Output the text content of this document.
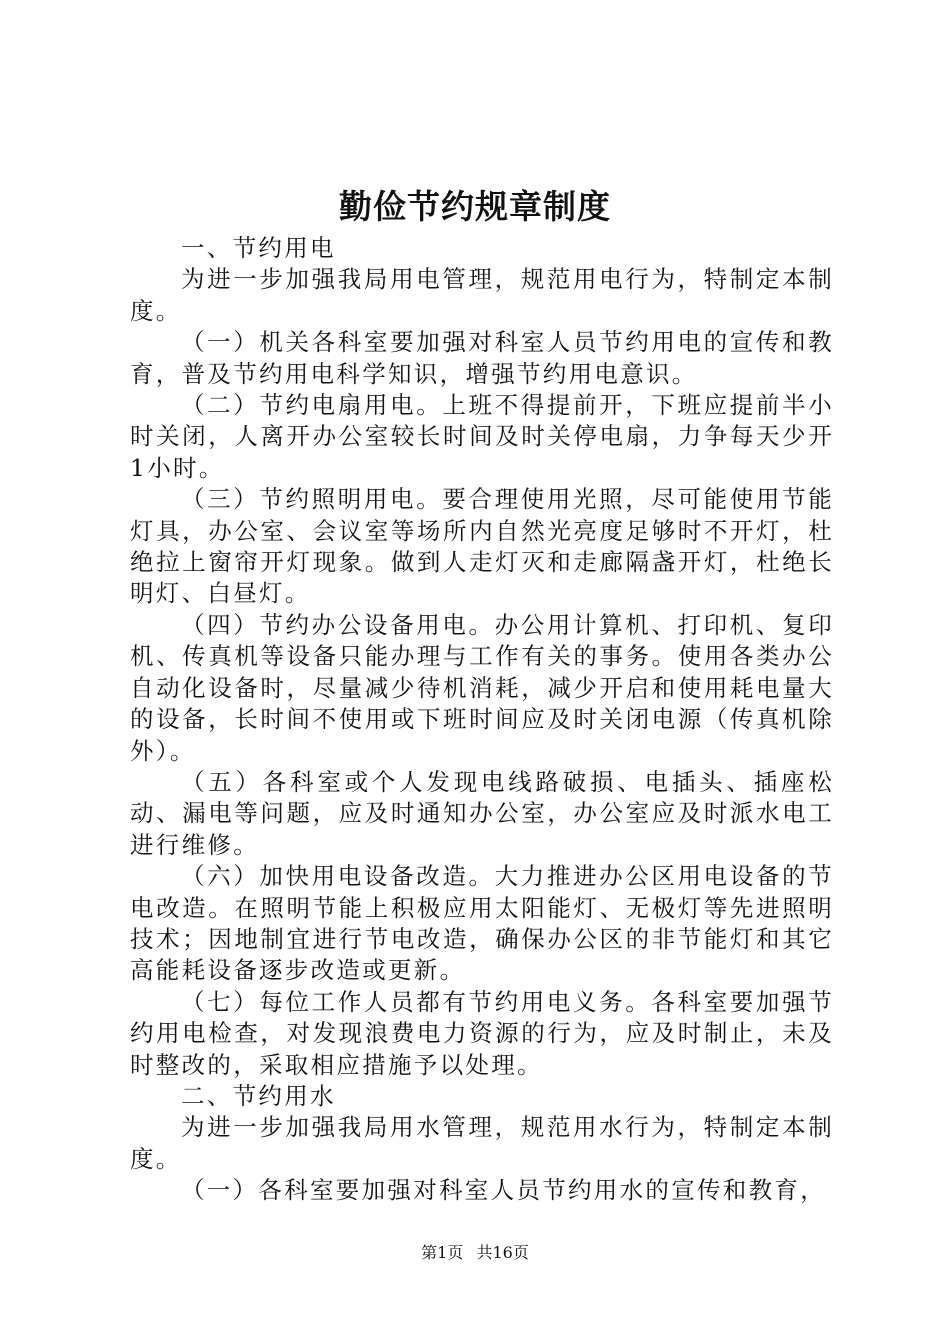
勤俭节约规章制度

一、节约用电

为进一步加强我局用电管理，规范用电行为，特制定本制度。

（一）机关各科室要加强对科室人员节约用电的宣传和教育，普及节约用电科学知识，增强节约用电意识。

（二）节约电扇用电。上班不得提前开，下班应提前半小时关闭，人离开办公室较长时间及时关停电扇，力争每天少开1小时。

（三）节约照明用电。要合理使用光照，尽可能使用节能灯具，办公室、会议室等场所内自然光亮度足够时不开灯，杜绝拉上窗帘开灯现象。做到人走灯灭和走廊隔盏开灯，杜绝长明灯、白昼灯。

（四）节约办公设备用电。办公用计算机、打印机、复印机、传真机等设备只能办理与工作有关的事务。使用各类办公自动化设备时，尽量减少待机消耗，减少开启和使用耗电量大的设备，长时间不使用或下班时间应及时关闭电源（传真机除外）。

（五）各科室或个人发现电线路破损、电插头、插座松动、漏电等问题，应及时通知办公室，办公室应及时派水电工进行维修。

（六）加快用电设备改造。大力推进办公区用电设备的节电改造。在照明节能上积极应用太阳能灯、无极灯等先进照明技术；因地制宜进行节电改造，确保办公区的非节能灯和其它高能耗设备逐步改造或更新。

（七）每位工作人员都有节约用电义务。各科室要加强节约用电检查，对发现浪费电力资源的行为，应及时制止，未及时整改的，采取相应措施予以处理。

二、节约用水

为进一步加强我局用水管理，规范用水行为，特制定本制度。

（一）各科室要加强对科室人员节约用水的宣传和教育，

第1页 共16页
